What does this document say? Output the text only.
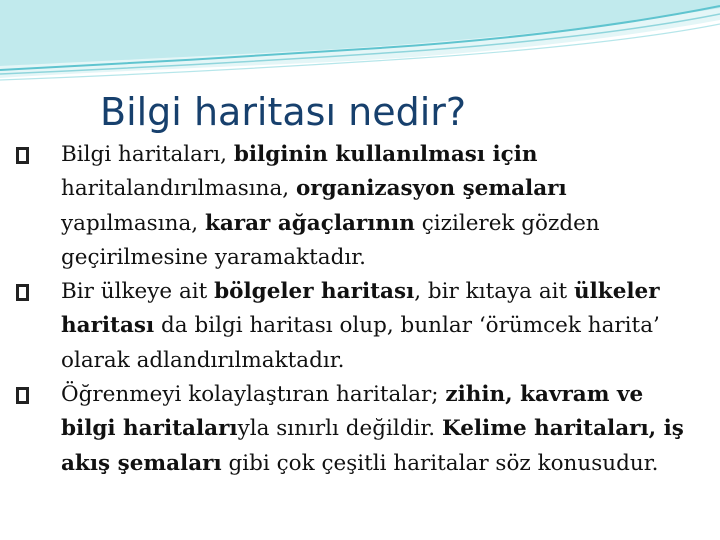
Bilgi haritası nedir?
Bilgi haritaları, bilginin kullanılması için haritalandırılmasına, organizasyon şemaları yapılmasına, karar ağaçlarının çizilerek gözden geçirilmesine yaramaktadır.
Bir ülkeye ait bölgeler haritası, bir kıtaya ait ülkeler haritası da bilgi haritası olup, bunlar ‘örümcek harita’ olarak adlandırılmaktadır.
Öğrenmeyi kolaylaştıran haritalar; zihin, kavram ve bilgi haritalarıyla sınırlı değildir. Kelime haritaları, iş akış şemaları gibi çok çeşitli haritalar söz konusudur.
